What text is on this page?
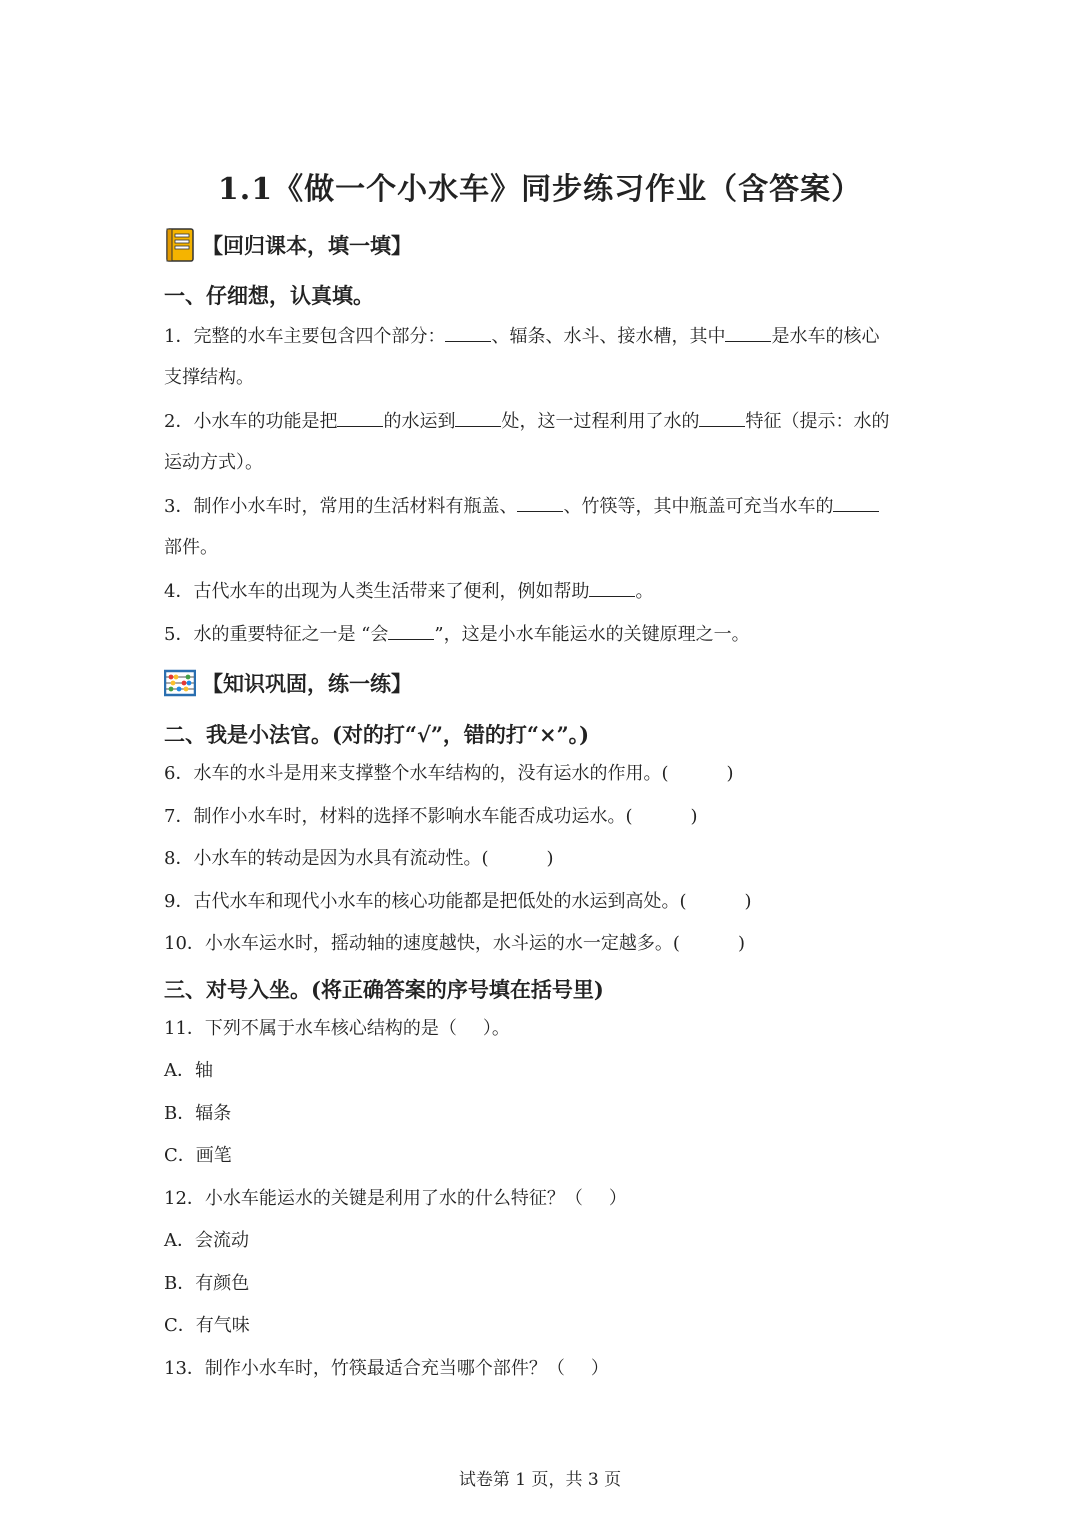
1.1《做一个小水车》同步练习作业（含答案）
【回归课本，填一填】
一、仔细想，认真填。
1．完整的水车主要包含四个部分：	、辐条、水斗、接水槽，其中	是水车的核心
支撑结构。
2．小水车的功能是把	的水运到	处，这一过程利用了水的	特征（提示：水的
运动方式）。
3．制作小水车时，常用的生活材料有瓶盖、	、竹筷等，其中瓶盖可充当水车的
部件。
4．古代水车的出现为人类生活带来了便利，例如帮助	。
5．水的重要特征之一是 “会	”，这是小水车能运水的关键原理之一。
【知识巩固，练一练】
二、我是小法官。(对的打“√”，错的打“×”。)
6．水车的水斗是用来支撑整个水车结构的，没有运水的作用。(	)
7．制作小水车时，材料的选择不影响水车能否成功运水。(	)
8．小水车的转动是因为水具有流动性。(	)
9．古代水车和现代小水车的核心功能都是把低处的水运到高处。(	)
10．小水车运水时，摇动轴的速度越快，水斗运的水一定越多。(	)
三、对号入坐。(将正确答案的序号填在括号里)
11．下列不属于水车核心结构的是（ ）。
A．轴
B．辐条
C．画笔
12．小水车能运水的关键是利用了水的什么特征？（ ）
A．会流动
B．有颜色
C．有气味
13．制作小水车时，竹筷最适合充当哪个部件？（ ）
试卷第 1 页，共 3 页
